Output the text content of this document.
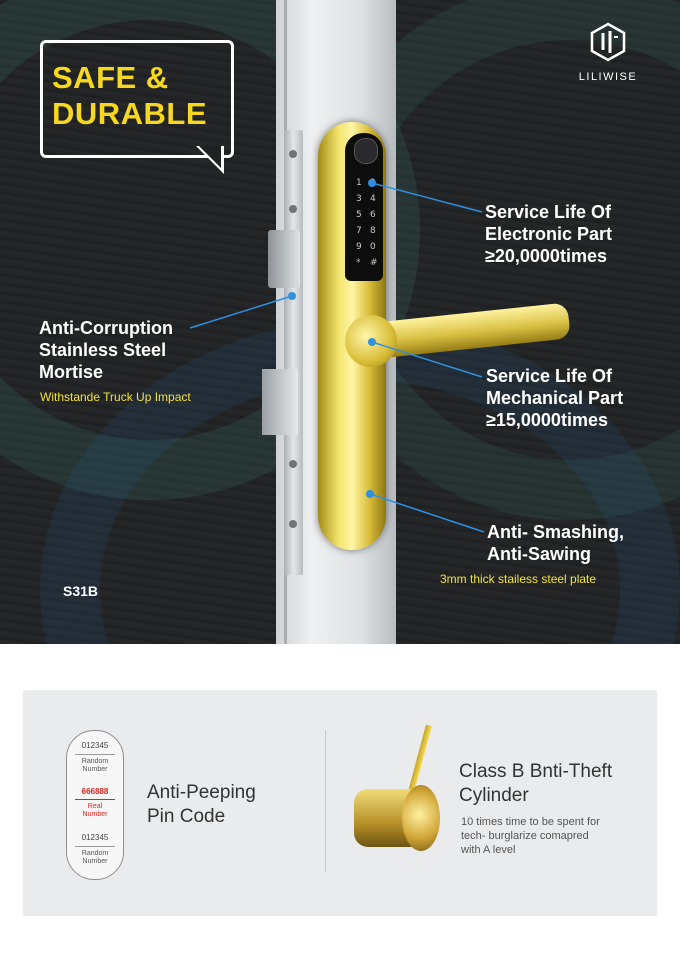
1
3 4
5 6
7 8
9 0
* #
SAFE &
DURABLE
LILIWISE
Service Life Of
Electronic Part
≥20,0000times
Anti-Corruption
Stainless Steel
Mortise
Withstande Truck Up Impact
Service Life Of
Mechanical Part
≥15,0000times
Anti- Smashing,
Anti-Sawing
3mm thick stailess steel plate
S31B
012345
Random
Number
666888
Real
Number
012345
Random
Number
Anti-Peeping
Pin Code
Class B Bnti-Theft
Cylinder
10 times time to be spent for
tech- burglarize comapred
with A level
